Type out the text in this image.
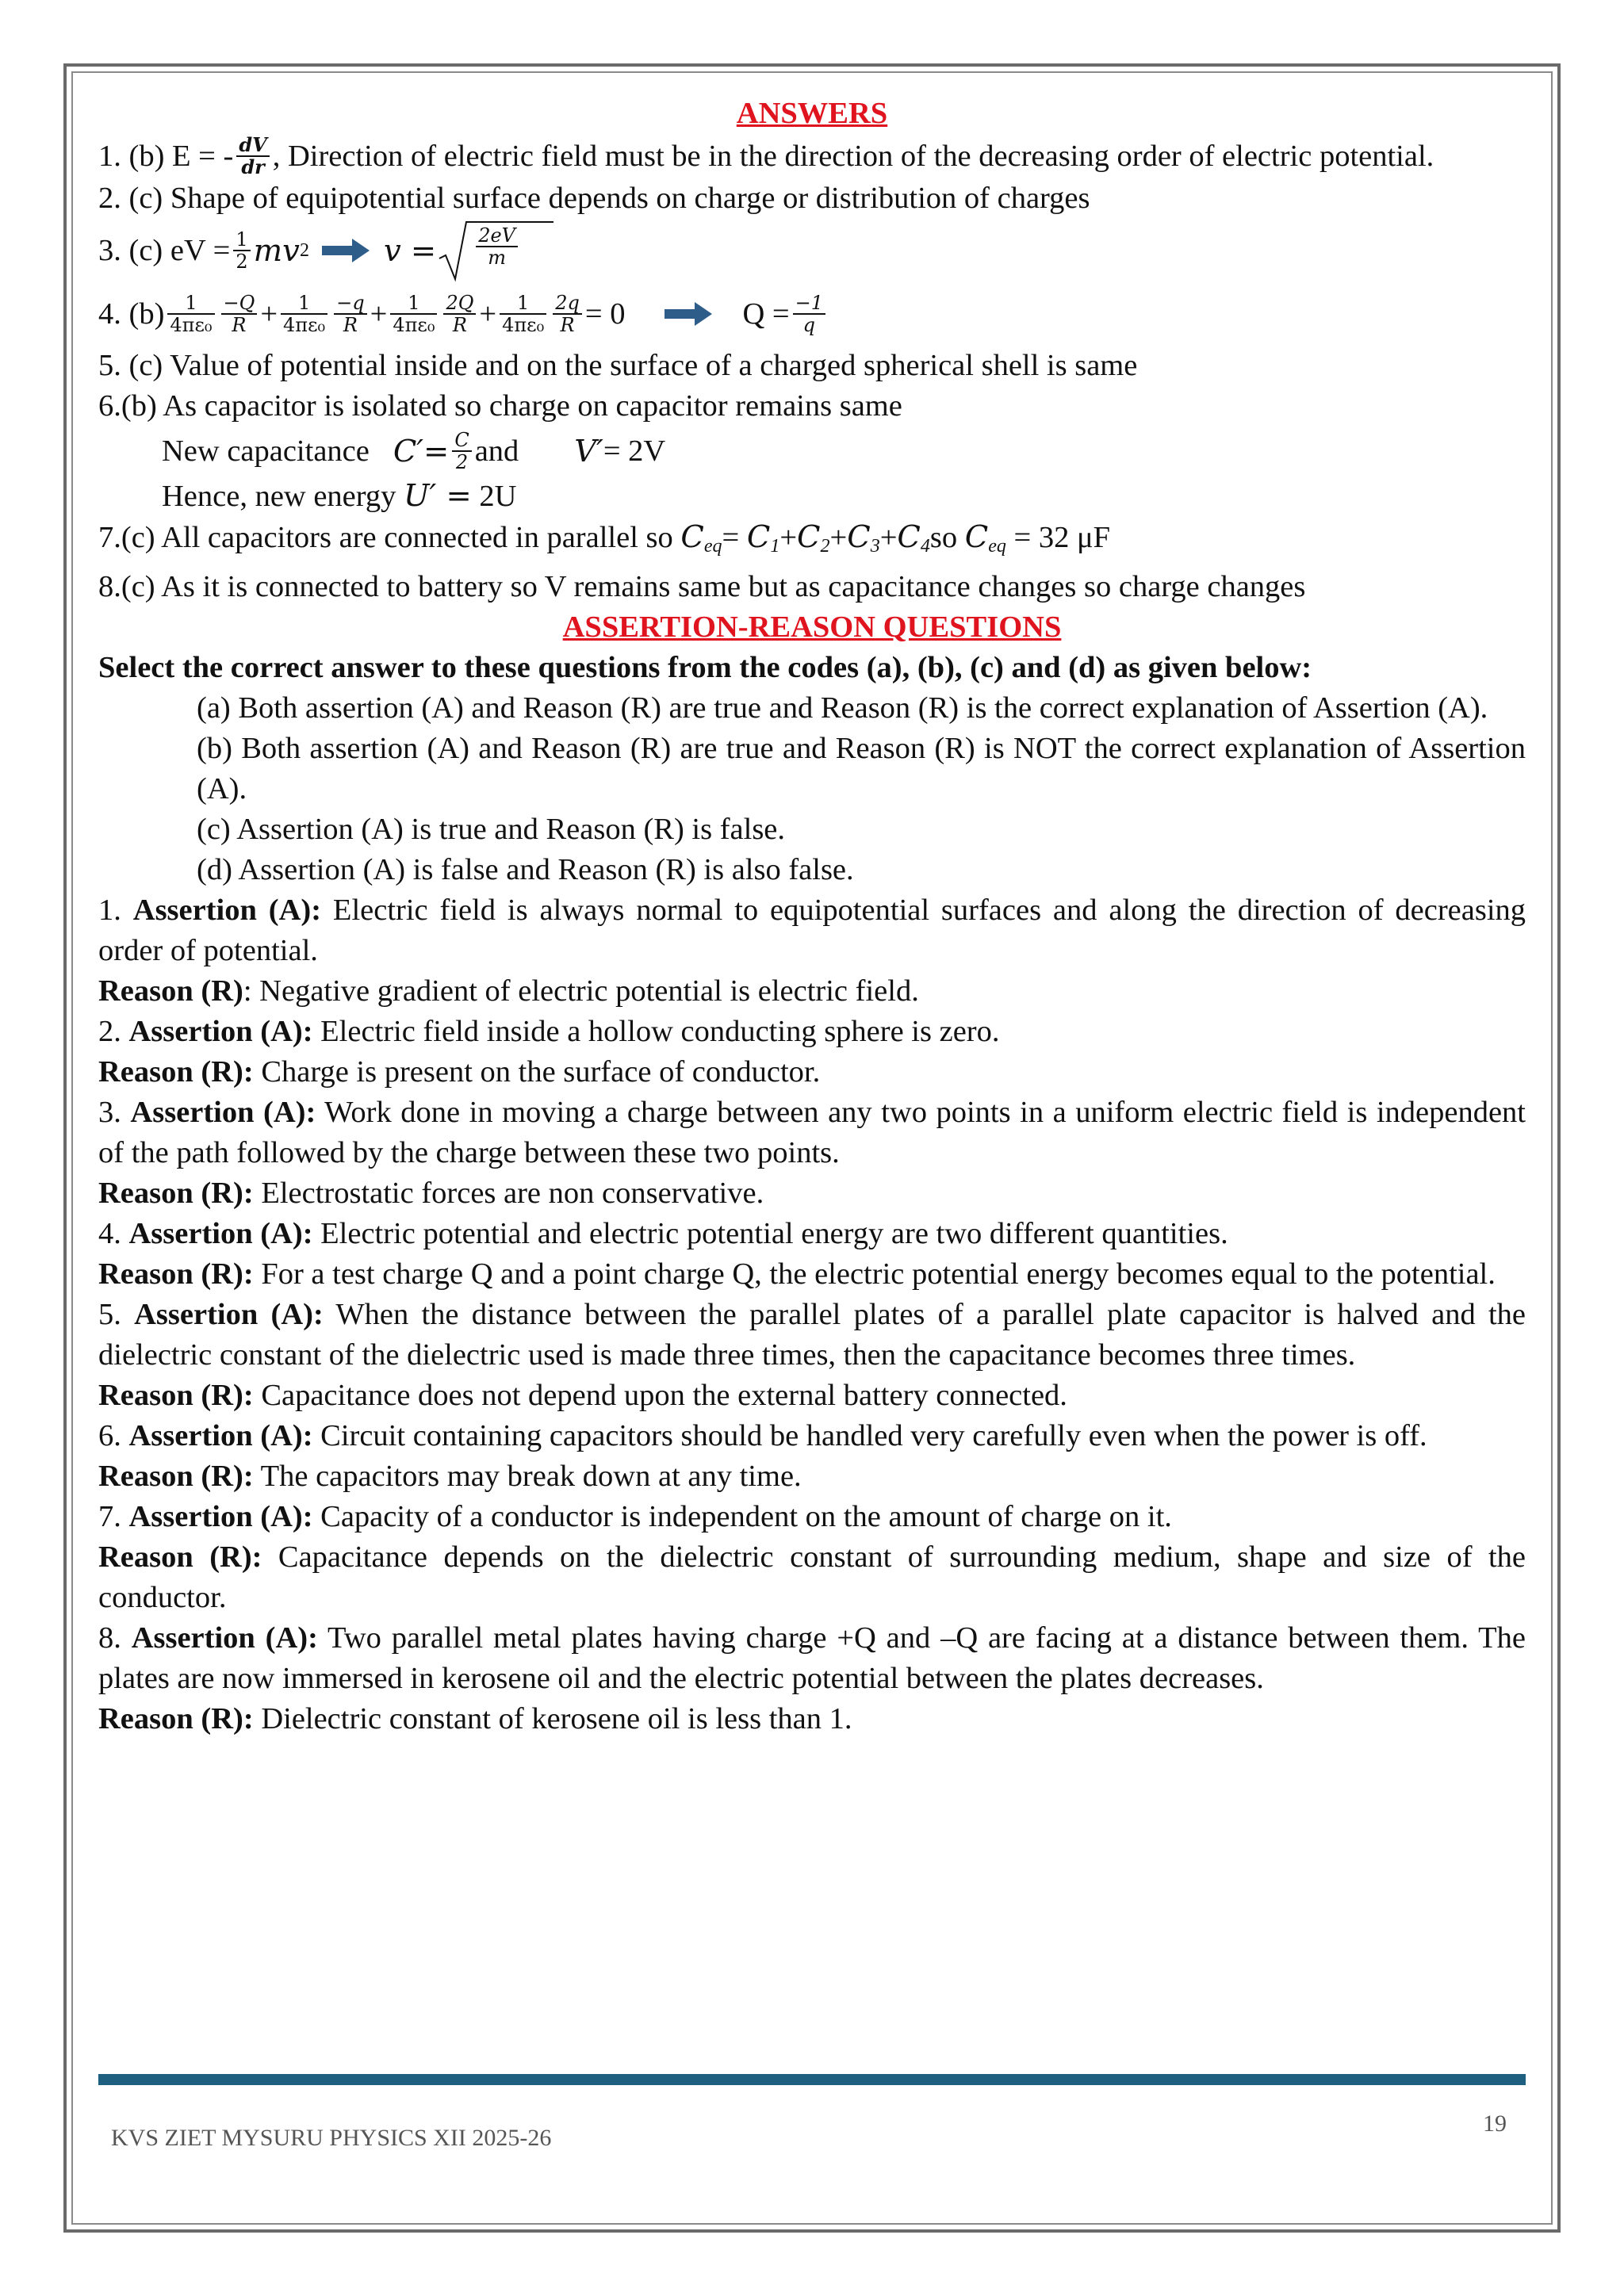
ANSWERS

1. (b) E = - $\frac{dV}{dr}$ , Direction of electric field must be in the direction of the decreasing order of electric potential.

2. (c) Shape of equipotential surface depends on charge or distribution of charges

3. (c) eV = $\frac{1}{2}$ mv 2 $v = \frac{2eV}{m}$
4. $(b) \frac{1}{\text{4πε₀}} \frac{-Q}{R} + \frac{1}{\text{4πε₀}} \frac{-q}{R} + \frac{1}{\text{4πε₀}} \frac{2Q}{R} + \frac{1}{\text{4πε₀}} \frac{2q}{R} = 0$	$Q = \frac{-1}{q}$

5. (c) Value of potential inside and on the surface of a charged spherical shell is same

6.(b) As capacitor is isolated so charge on capacitor remains same

New capacitance $C'= \frac{C}{2}$ and V′ = 2V

Hence, new energy U′ = 2U

7.(c) All capacitors are connected in parallel so $C_{eq}= C_1+C_2+C_3+C_4so$ $C_{eq} = 32$ μF

8.(c) As it is connected to battery so V remains same but as capacitance changes so charge changes

ASSERTION-REASON QUESTIONS

Select the correct answer to these questions from the codes (a), (b), (c) and (d) as given below:

(a) Both assertion (A) and Reason (R) are true and Reason (R) is the correct explanation of Assertion (A).

(b) Both assertion (A) and Reason (R) are true and Reason (R) is NOT the correct explanation of Assertion (A).

(c) Assertion (A) is true and Reason (R) is false.

(d) Assertion (A) is false and Reason (R) is also false.

1. Assertion (A): Electric field is always normal to equipotential surfaces and along the direction of decreasing order of potential.

Reason (R): Negative gradient of electric potential is electric field.

2. Assertion (A): Electric field inside a hollow conducting sphere is zero.

Reason (R): Charge is present on the surface of conductor.

3. Assertion (A): Work done in moving a charge between any two points in a uniform electric field is independent of the path followed by the charge between these two points.

Reason (R): Electrostatic forces are non conservative.

4. Assertion (A): Electric potential and electric potential energy are two different quantities.

Reason (R): For a test charge Q and a point charge Q, the electric potential energy becomes equal to the potential.

5. Assertion (A): When the distance between the parallel plates of a parallel plate capacitor is halved and the dielectric constant of the dielectric used is made three times, then the capacitance becomes three times.

Reason (R): Capacitance does not depend upon the external battery connected.

6. Assertion (A): Circuit containing capacitors should be handled very carefully even when the power is off.

Reason (R): The capacitors may break down at any time.

7. Assertion (A): Capacity of a conductor is independent on the amount of charge on it.

Reason (R): Capacitance depends on the dielectric constant of surrounding medium, shape and size of the conductor.

8. Assertion (A): Two parallel metal plates having charge +Q and –Q are facing at a distance between them. The plates are now immersed in kerosene oil and the electric potential between the plates decreases.

Reason (R): Dielectric constant of kerosene oil is less than 1.

KVS ZIET MYSURU PHYSICS XII 2025-26
19
